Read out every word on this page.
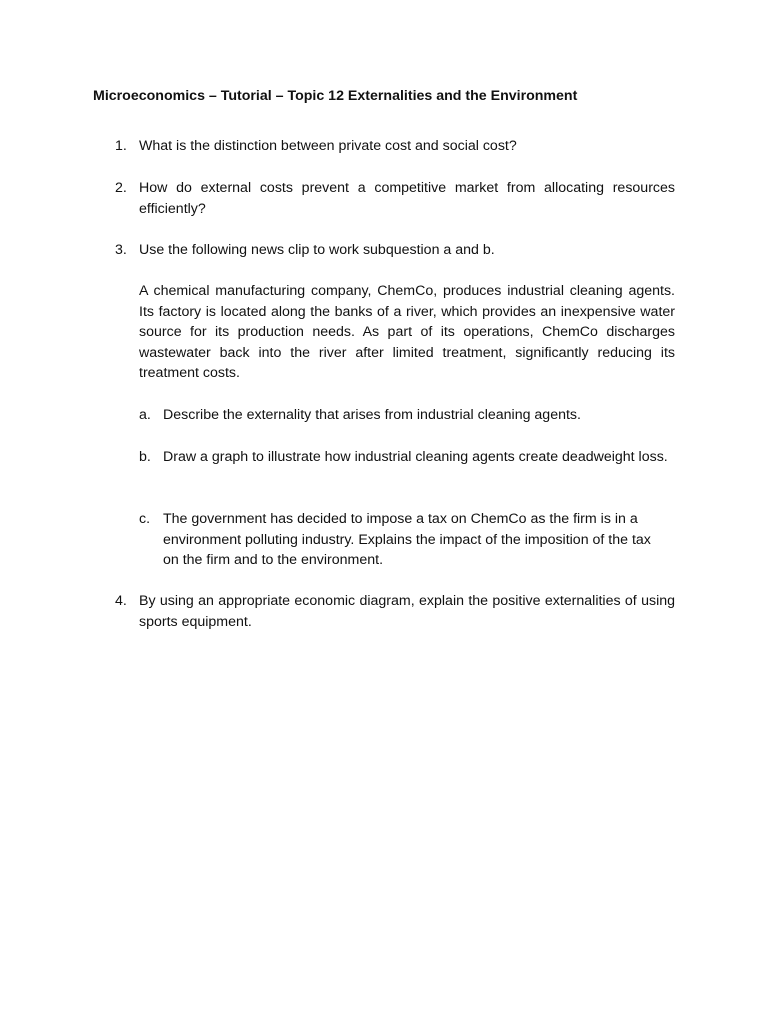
Microeconomics – Tutorial – Topic 12 Externalities and the Environment
1. What is the distinction between private cost and social cost?
2. How do external costs prevent a competitive market from allocating resources efficiently?
3. Use the following news clip to work subquestion a and b.
A chemical manufacturing company, ChemCo, produces industrial cleaning agents. Its factory is located along the banks of a river, which provides an inexpensive water source for its production needs. As part of its operations, ChemCo discharges wastewater back into the river after limited treatment, significantly reducing its treatment costs.
a. Describe the externality that arises from industrial cleaning agents.
b. Draw a graph to illustrate how industrial cleaning agents create deadweight loss.
c. The government has decided to impose a tax on ChemCo as the firm is in a environment polluting industry. Explains the impact of the imposition of the tax on the firm and to the environment.
4. By using an appropriate economic diagram, explain the positive externalities of using sports equipment.
